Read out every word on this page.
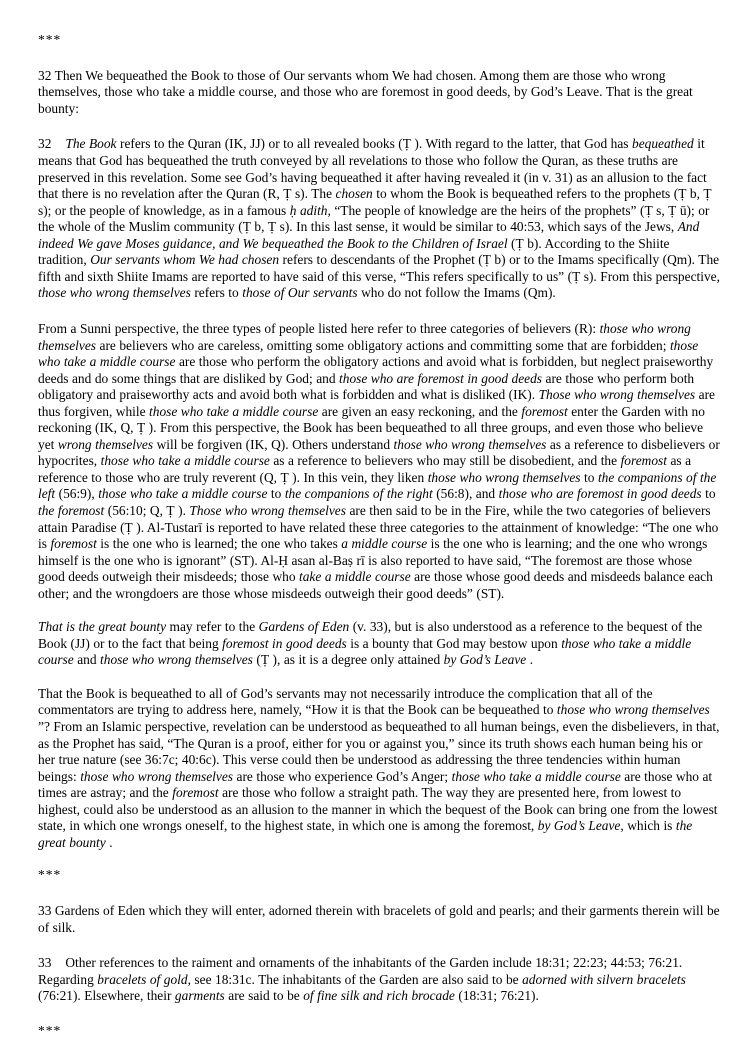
***

32 Then We bequeathed the Book to those of Our servants whom We had chosen. Among them are those who wrong themselves, those who take a middle course, and those who are foremost in good deeds, by God’s Leave. That is the great bounty:

32 The Book refers to the Quran (IK, JJ) or to all revealed books (Ṭ ). With regard to the latter, that God has bequeathed it means that God has bequeathed the truth conveyed by all revelations to those who follow the Quran, as these truths are preserved in this revelation. Some see God’s having bequeathed it after having revealed it (in v. 31) as an allusion to the fact that there is no revelation after the Quran (R, Ṭ s). The chosen to whom the Book is bequeathed refers to the prophets (Ṭ b, Ṭ s); or the people of knowledge, as in a famous ḥ adith, “The people of knowledge are the heirs of the prophets” (Ṭ s, Ṭ ū); or the whole of the Muslim community (Ṭ b, Ṭ s). In this last sense, it would be similar to 40:53, which says of the Jews, And indeed We gave Moses guidance, and We bequeathed the Book to the Children of Israel (Ṭ b). According to the Shiite tradition, Our servants whom We had chosen refers to descendants of the Prophet (Ṭ b) or to the Imams specifically (Qm). The fifth and sixth Shiite Imams are reported to have said of this verse, “This refers specifically to us” (Ṭ s). From this perspective, those who wrong themselves refers to those of Our servants who do not follow the Imams (Qm).

From a Sunni perspective, the three types of people listed here refer to three categories of believers (R): those who wrong themselves are believers who are careless, omitting some obligatory actions and committing some that are forbidden; those who take a middle course are those who perform the obligatory actions and avoid what is forbidden, but neglect praiseworthy deeds and do some things that are disliked by God; and those who are foremost in good deeds are those who perform both obligatory and praiseworthy acts and avoid both what is forbidden and what is disliked (IK). Those who wrong themselves are thus forgiven, while those who take a middle course are given an easy reckoning, and the foremost enter the Garden with no reckoning (IK, Q, Ṭ ). From this perspective, the Book has been bequeathed to all three groups, and even those who believe yet wrong themselves will be forgiven (IK, Q). Others understand those who wrong themselves as a reference to disbelievers or hypocrites, those who take a middle course as a reference to believers who may still be disobedient, and the foremost as a reference to those who are truly reverent (Q, Ṭ ). In this vein, they liken those who wrong themselves to the companions of the left (56:9), those who take a middle course to the companions of the right (56:8), and those who are foremost in good deeds to the foremost (56:10; Q, Ṭ ). Those who wrong themselves are then said to be in the Fire, while the two categories of believers attain Paradise (Ṭ ). Al-Tustarī is reported to have related these three categories to the attainment of knowledge: “The one who is foremost is the one who is learned; the one who takes a middle course is the one who is learning; and the one who wrongs himself is the one who is ignorant” (ST). Al-Ḥ asan al-Baṣ rī is also reported to have said, “The foremost are those whose good deeds outweigh their misdeeds; those who take a middle course are those whose good deeds and misdeeds balance each other; and the wrongdoers are those whose misdeeds outweigh their good deeds” (ST).

That is the great bounty may refer to the Gardens of Eden (v. 33), but is also understood as a reference to the bequest of the Book (JJ) or to the fact that being foremost in good deeds is a bounty that God may bestow upon those who take a middle course and those who wrong themselves (Ṭ ), as it is a degree only attained by God’s Leave .

That the Book is bequeathed to all of God’s servants may not necessarily introduce the complication that all of the commentators are trying to address here, namely, “How it is that the Book can be bequeathed to those who wrong themselves ”? From an Islamic perspective, revelation can be understood as bequeathed to all human beings, even the disbelievers, in that, as the Prophet has said, “The Quran is a proof, either for you or against you,” since its truth shows each human being his or her true nature (see 36:7c; 40:6c). This verse could then be understood as addressing the three tendencies within human beings: those who wrong themselves are those who experience God’s Anger; those who take a middle course are those who at times are astray; and the foremost are those who follow a straight path. The way they are presented here, from lowest to highest, could also be understood as an allusion to the manner in which the bequest of the Book can bring one from the lowest state, in which one wrongs oneself, to the highest state, in which one is among the foremost, by God’s Leave, which is the great bounty .

***

33 Gardens of Eden which they will enter, adorned therein with bracelets of gold and pearls; and their garments therein will be of silk.

33 Other references to the raiment and ornaments of the inhabitants of the Garden include 18:31; 22:23; 44:53; 76:21. Regarding bracelets of gold, see 18:31c. The inhabitants of the Garden are also said to be adorned with silvern bracelets (76:21). Elsewhere, their garments are said to be of fine silk and rich brocade (18:31; 76:21).

***
